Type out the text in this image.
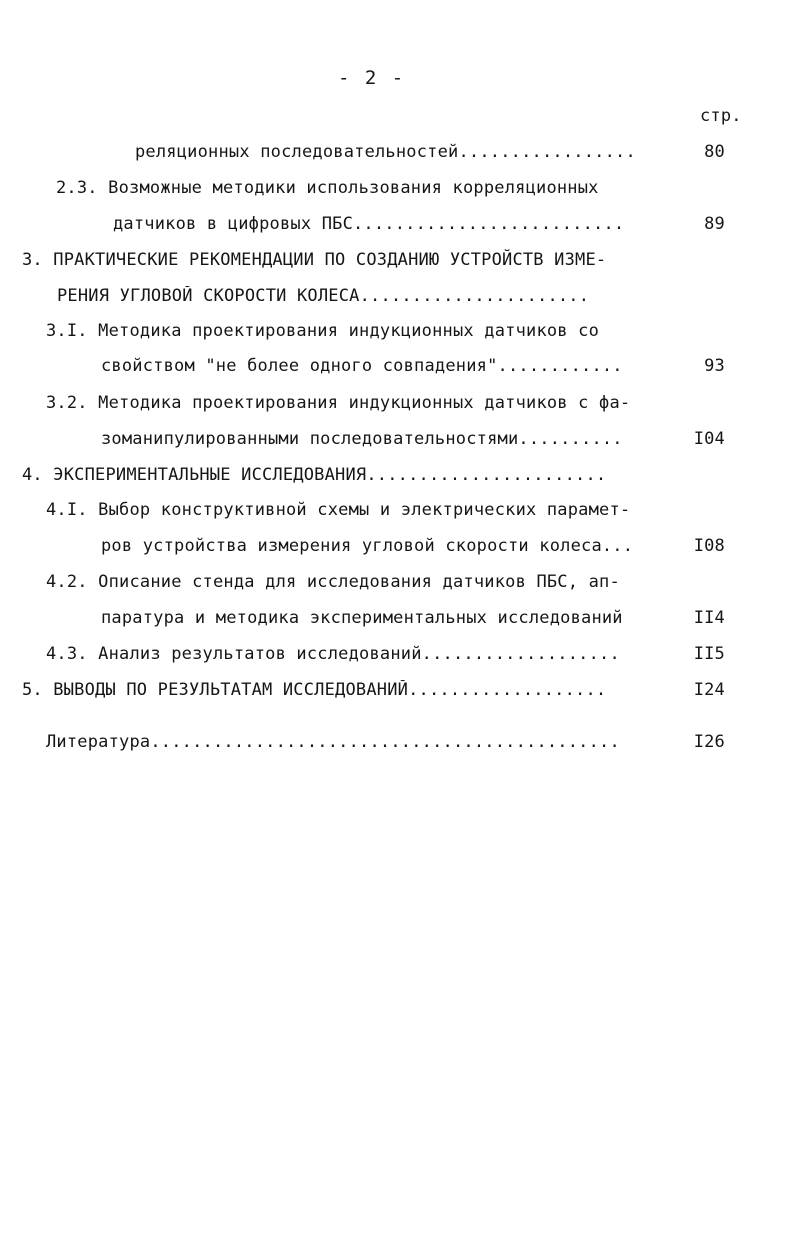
- 2 -
стр.
реляционных последовательностей.................	80
2.3. Возможные методики использования корреляционных
датчиков в цифровых ПБС..........................	89
3. ПРАКТИЧЕСКИЕ РЕКОМЕНДАЦИИ ПО СОЗДАНИЮ УСТРОЙСТВ ИЗМЕ-
РЕНИЯ УГЛОВОЙ СКОРОСТИ КОЛЕСА......................
3.I. Методика проектирования индукционных датчиков со
свойством "не более одного совпадения"............	93
3.2. Методика проектирования индукционных датчиков с фа-
зоманипулированными последовательностями..........	I04
4. ЭКСПЕРИМЕНТАЛЬНЫЕ ИССЛЕДОВАНИЯ.......................
4.I. Выбор конструктивной схемы и электрических парамет-
ров устройства измерения угловой скорости колеса...	I08
4.2. Описание стенда для исследования датчиков ПБС, ап-
паратура и методика экспериментальных исследований	II4
4.3. Анализ результатов исследований...................	II5
5. ВЫВОДЫ ПО РЕЗУЛЬТАТАМ ИССЛЕДОВАНИЙ...................	I24
Литература.............................................	I26
